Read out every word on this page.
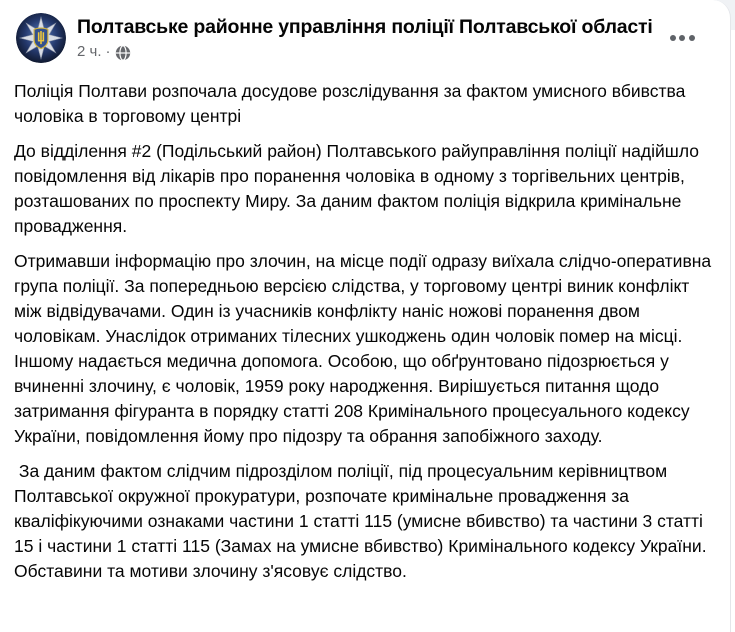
Полтавське районне управління поліції Полтавської області
2 ч. ·

Поліція Полтави розпочала досудове розслідування за фактом умисного вбивства чоловіка в торговому центрі

До відділення #2 (Подільський район) Полтавського райуправління поліції надійшло повідомлення від лікарів про поранення чоловіка в одному з торгівельних центрів, розташованих по проспекту Миру. За даним фактом поліція відкрила кримінальне провадження.

Отримавши інформацію про злочин, на місце події одразу виїхала слідчо-оперативна група поліції. За попередньою версією слідства, у торговому центрі виник конфлікт між відвідувачами. Один із учасників конфлікту наніс ножові поранення двом чоловікам. Унаслідок отриманих тілесних ушкоджень один чоловік помер на місці. Іншому надається медична допомога. Особою, що обґрунтовано підозрюється у вчиненні злочину, є чоловік, 1959 року народження. Вирішується питання щодо затримання фігуранта в порядку статті 208 Кримінального процесуального кодексу України, повідомлення йому про підозру та обрання запобіжного заходу.

За даним фактом слідчим підрозділом поліції, під процесуальним керівництвом Полтавської окружної прокуратури, розпочате кримінальне провадження за кваліфікуючими ознаками частини 1 статті 115 (умисне вбивство) та частини 3 статті 15 і частини 1 статті 115 (Замах на умисне вбивство) Кримінального кодексу України. Обставини та мотиви злочину з'ясовує слідство.
